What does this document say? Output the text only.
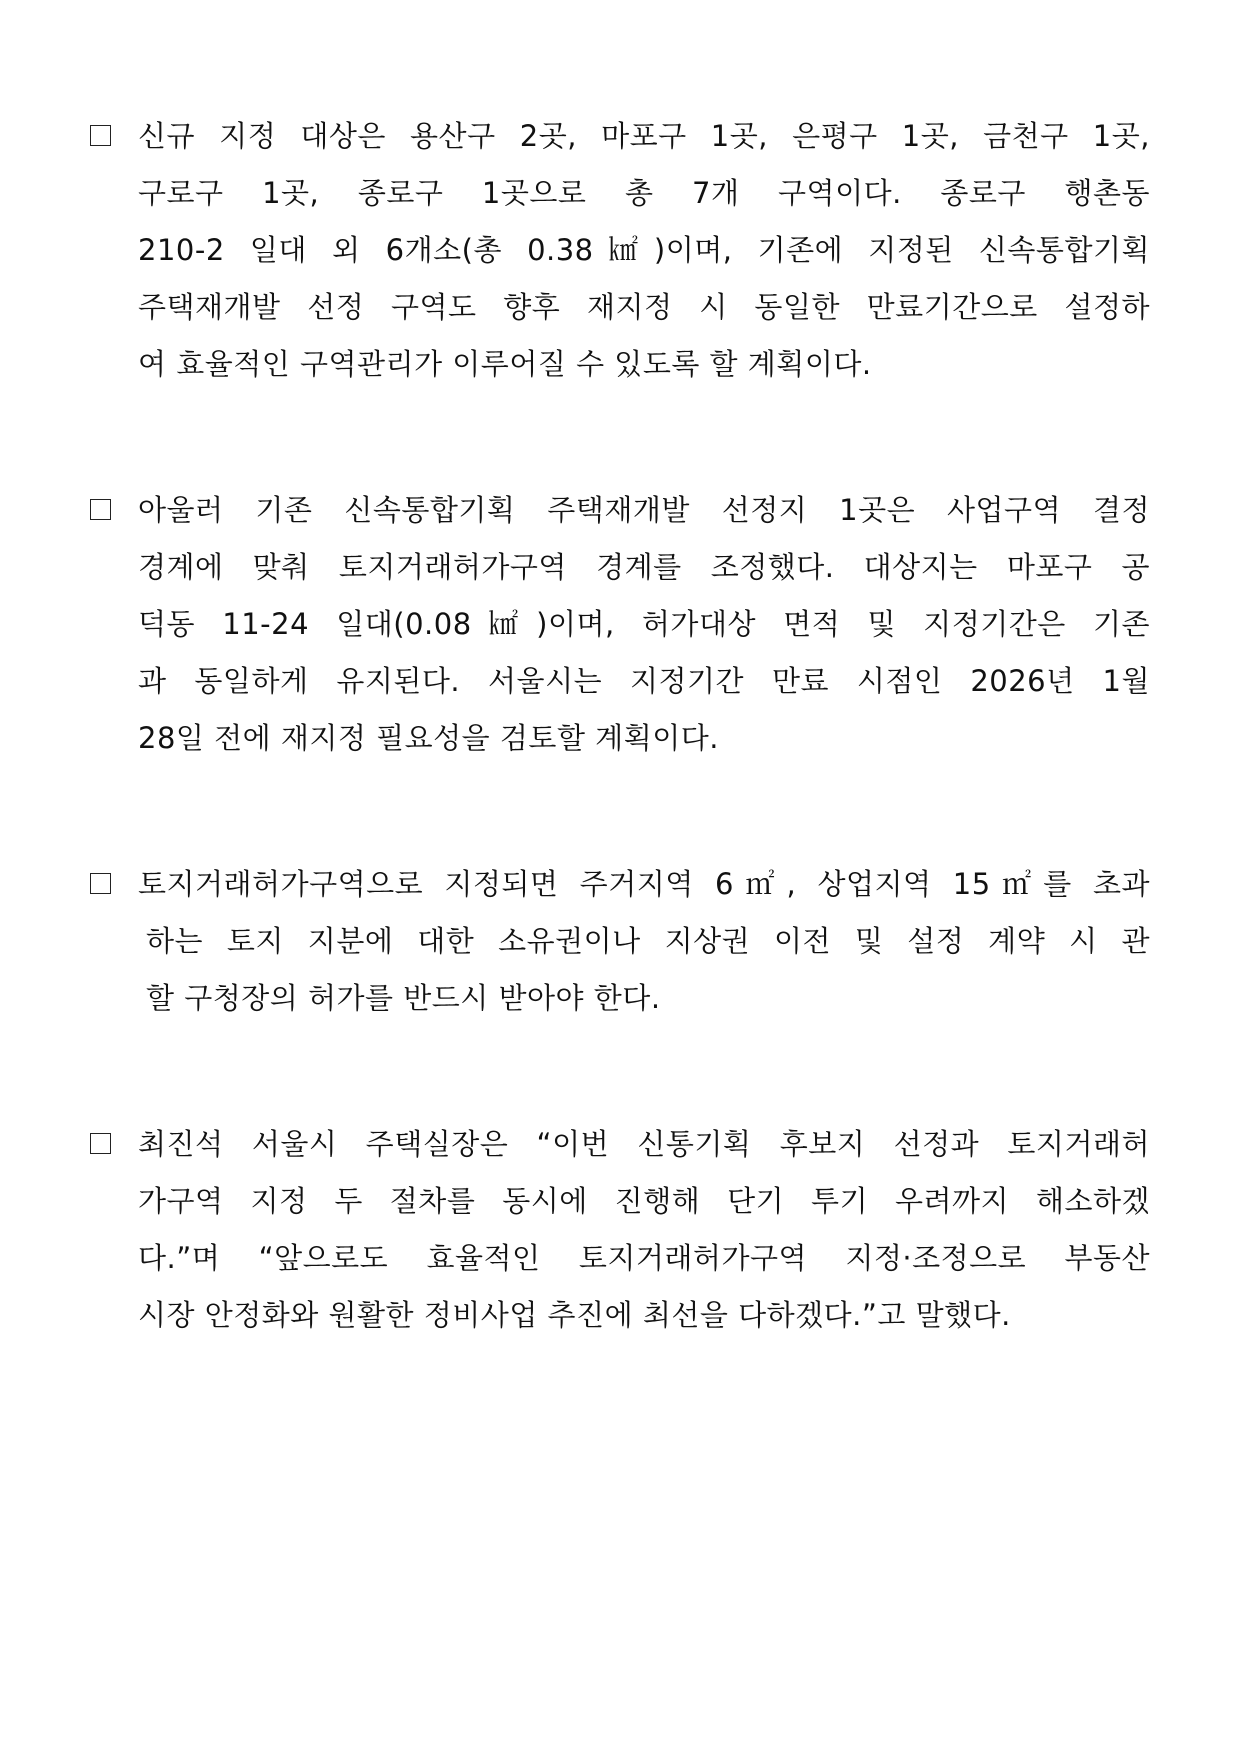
신규 지정 대상은 용산구 2곳, 마포구 1곳, 은평구 1곳, 금천구 1곳,
구로구 1곳, 종로구 1곳으로 총 7개 구역이다. 종로구 행촌동
210-2 일대 외 6개소(총 0.38㎢)이며, 기존에 지정된 신속통합기획
주택재개발 선정 구역도 향후 재지정 시 동일한 만료기간으로 설정하
여 효율적인 구역관리가 이루어질 수 있도록 할 계획이다.
아울러 기존 신속통합기획 주택재개발 선정지 1곳은 사업구역 결정
경계에 맞춰 토지거래허가구역 경계를 조정했다. 대상지는 마포구 공
덕동 11-24 일대(0.08㎢)이며, 허가대상 면적 및 지정기간은 기존
과 동일하게 유지된다. 서울시는 지정기간 만료 시점인 2026년 1월
28일 전에 재지정 필요성을 검토할 계획이다.
토지거래허가구역으로 지정되면 주거지역 6㎡, 상업지역 15㎡를 초과
하는 토지 지분에 대한 소유권이나 지상권 이전 및 설정 계약 시 관
할 구청장의 허가를 반드시 받아야 한다.
최진석 서울시 주택실장은 “이번 신통기획 후보지 선정과 토지거래허
가구역 지정 두 절차를 동시에 진행해 단기 투기 우려까지 해소하겠
다.”며 “앞으로도 효율적인 토지거래허가구역 지정·조정으로 부동산
시장 안정화와 원활한 정비사업 추진에 최선을 다하겠다.”고 말했다.
